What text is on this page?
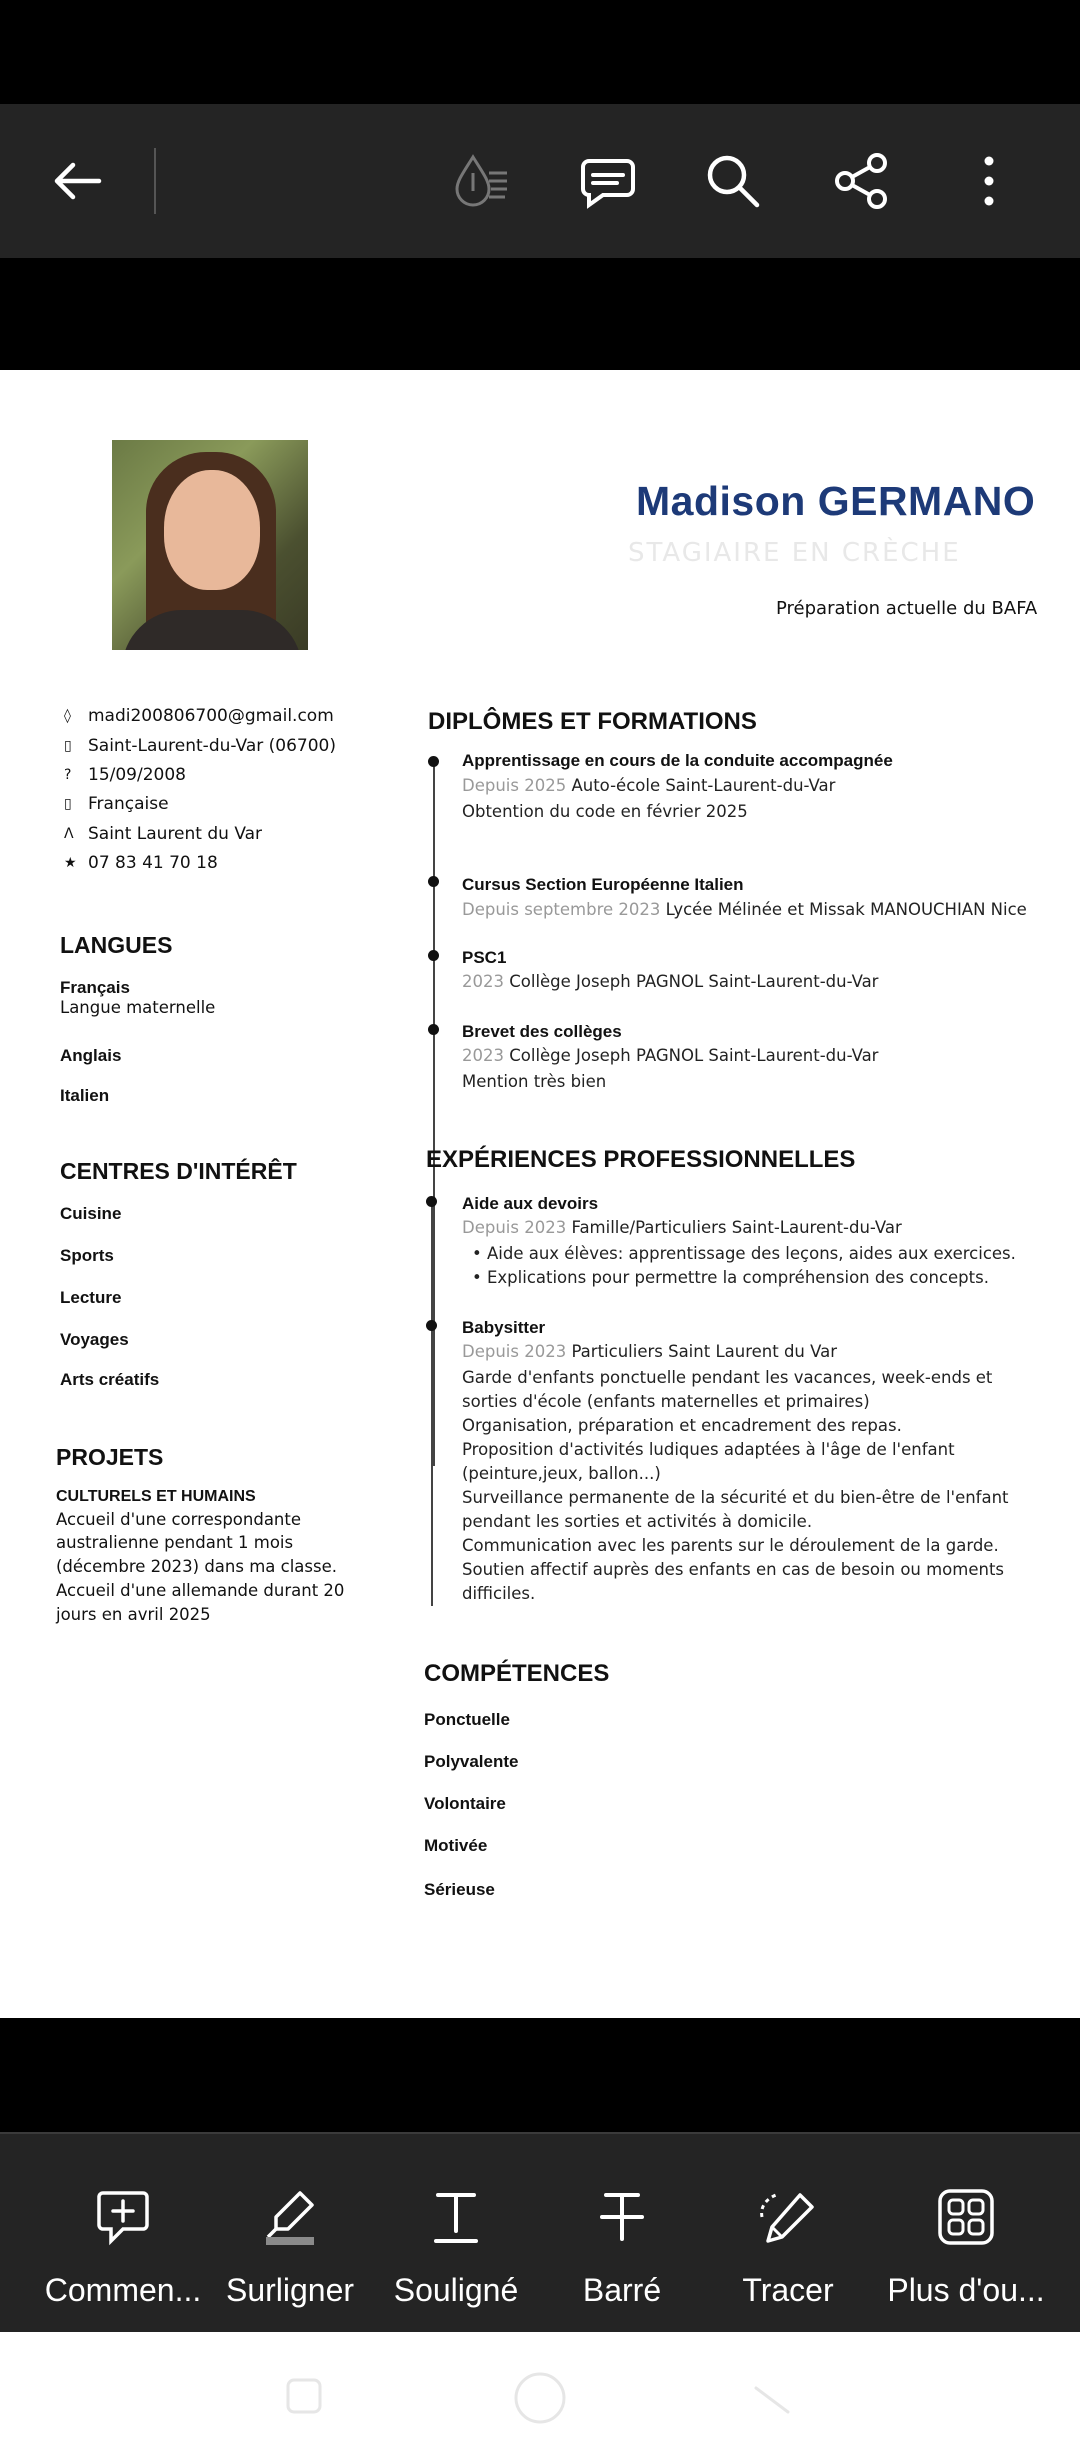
Madison GERMANO
STAGIAIRE EN CRÈCHE
Préparation actuelle du BAFA
◊	madi200806700@gmail.com
▯ Saint-Laurent-du-Var (06700)
? 15/09/2008
▯ Française
Λ Saint Laurent du Var
★ 07 83 41 70 18
LANGUES
Français
Langue maternelle
Anglais
Italien
CENTRES D'INTÉRÊT
Cuisine
Sports
Lecture
Voyages
Arts créatifs
PROJETS
CULTURELS ET HUMAINS
Accueil d'une correspondante
australienne pendant 1 mois
(décembre 2023) dans ma classe.
Accueil d'une allemande durant 20
jours en avril 2025
DIPLÔMES ET FORMATIONS
Apprentissage en cours de la conduite accompagnée
Depuis 2025 Auto-école Saint-Laurent-du-Var
Obtention du code en février 2025
Cursus Section Européenne Italien
Depuis septembre 2023 Lycée Mélinée et Missak MANOUCHIAN Nice
PSC1
2023 Collège Joseph PAGNOL Saint-Laurent-du-Var
Brevet des collèges
2023 Collège Joseph PAGNOL Saint-Laurent-du-Var
Mention très bien
EXPÉRIENCES PROFESSIONNELLES
Aide aux devoirs
Depuis 2023 Famille/Particuliers Saint-Laurent-du-Var
• Aide aux élèves: apprentissage des leçons, aides aux exercices.
• Explications pour permettre la compréhension des concepts.
Babysitter
Depuis 2023 Particuliers Saint Laurent du Var
Garde d'enfants ponctuelle pendant les vacances, week-ends et
sorties d'école (enfants maternelles et primaires)
Organisation, préparation et encadrement des repas.
Proposition d'activités ludiques adaptées à l'âge de l'enfant
(peinture,jeux, ballon...)
Surveillance permanente de la sécurité et du bien-être de l'enfant
pendant les sorties et activités à domicile.
Communication avec les parents sur le déroulement de la garde.
Soutien affectif auprès des enfants en cas de besoin ou moments
difficiles.
COMPÉTENCES
Ponctuelle
Polyvalente
Volontaire
Motivée
Sérieuse
Commen... Surligner Souligné Barré	Tracer Plus d'ou...
